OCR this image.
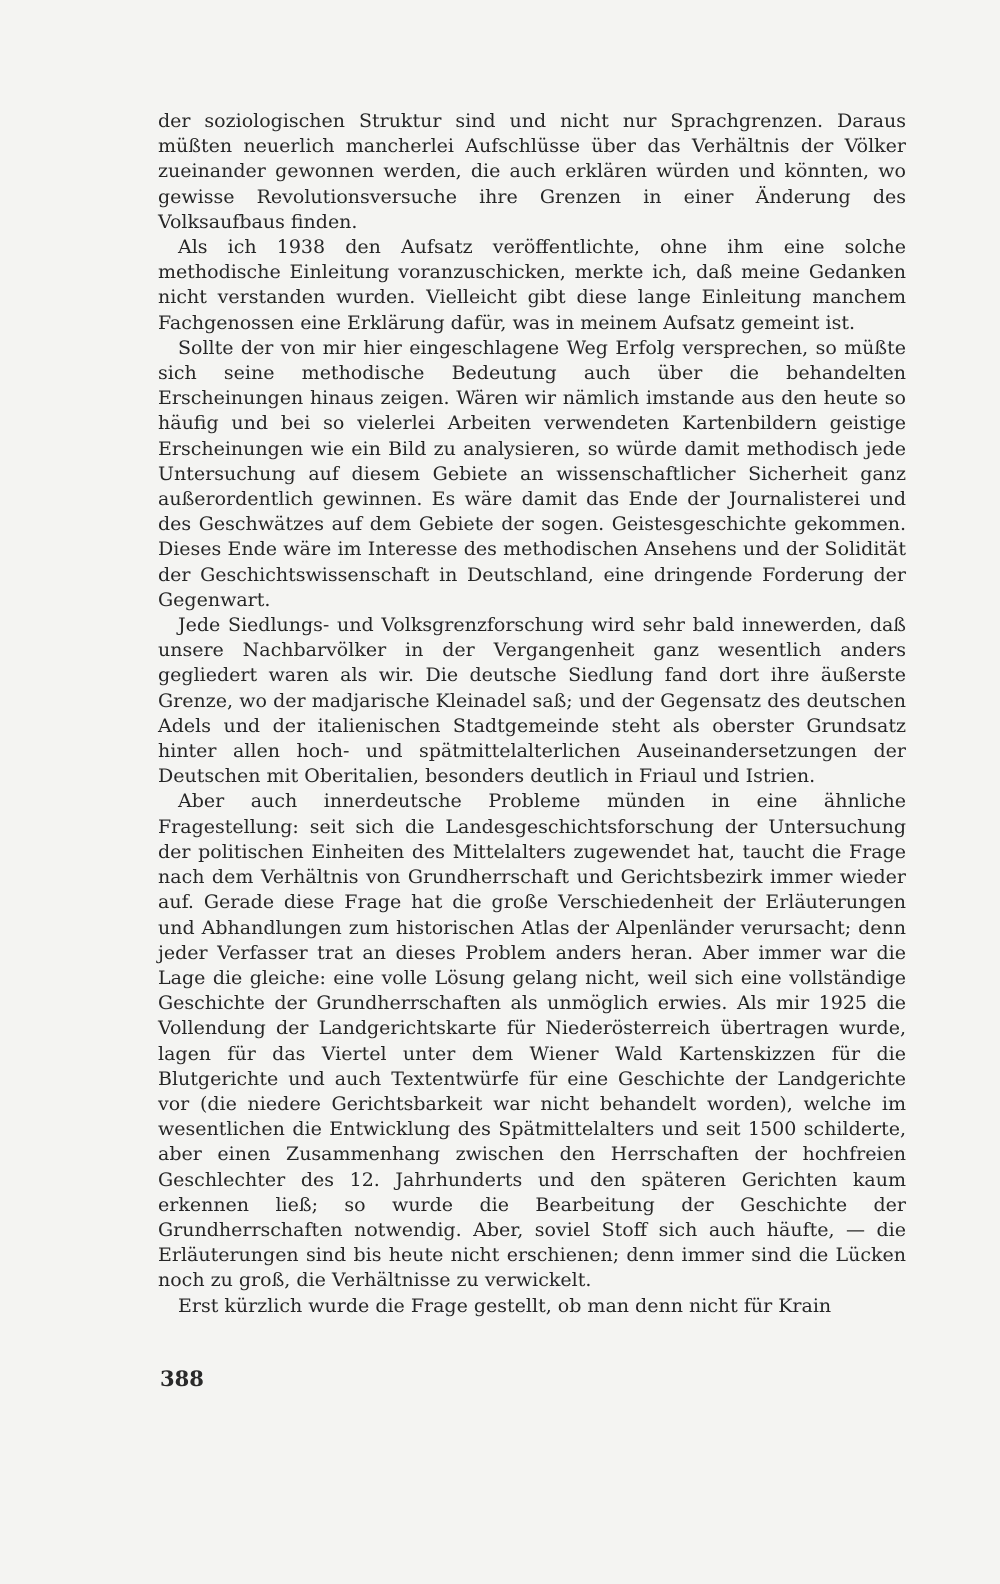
der soziologischen Struktur sind und nicht nur Sprachgrenzen. Daraus müßten neuerlich mancherlei Aufschlüsse über das Verhältnis der Völker zueinander gewonnen werden, die auch erklären würden und könnten, wo gewisse Revolutionsversuche ihre Grenzen in einer Änderung des Volksaufbaus finden.

Als ich 1938 den Aufsatz veröffentlichte, ohne ihm eine solche methodische Einleitung voranzuschicken, merkte ich, daß meine Gedanken nicht verstanden wurden. Vielleicht gibt diese lange Einleitung manchem Fachgenossen eine Erklärung dafür, was in meinem Aufsatz gemeint ist.

Sollte der von mir hier eingeschlagene Weg Erfolg versprechen, so müßte sich seine methodische Bedeutung auch über die behandelten Erscheinungen hinaus zeigen. Wären wir nämlich imstande aus den heute so häufig und bei so vielerlei Arbeiten verwendeten Kartenbildern geistige Erscheinungen wie ein Bild zu analysieren, so würde damit methodisch jede Untersuchung auf diesem Gebiete an wissenschaftlicher Sicherheit ganz außerordentlich gewinnen. Es wäre damit das Ende der Journalisterei und des Geschwätzes auf dem Gebiete der sogen. Geistesgeschichte gekommen. Dieses Ende wäre im Interesse des methodischen Ansehens und der Solidität der Geschichtswissenschaft in Deutschland, eine dringende Forderung der Gegenwart.

Jede Siedlungs- und Volksgrenzforschung wird sehr bald innewerden, daß unsere Nachbarvölker in der Vergangenheit ganz wesentlich anders gegliedert waren als wir. Die deutsche Siedlung fand dort ihre äußerste Grenze, wo der madjarische Kleinadel saß; und der Gegensatz des deutschen Adels und der italienischen Stadtgemeinde steht als oberster Grundsatz hinter allen hoch- und spätmittelalterlichen Auseinandersetzungen der Deutschen mit Oberitalien, besonders deutlich in Friaul und Istrien.

Aber auch innerdeutsche Probleme münden in eine ähnliche Fragestellung: seit sich die Landesgeschichtsforschung der Untersuchung der politischen Einheiten des Mittelalters zugewendet hat, taucht die Frage nach dem Verhältnis von Grundherrschaft und Gerichtsbezirk immer wieder auf. Gerade diese Frage hat die große Verschiedenheit der Erläuterungen und Abhandlungen zum historischen Atlas der Alpenländer verursacht; denn jeder Verfasser trat an dieses Problem anders heran. Aber immer war die Lage die gleiche: eine volle Lösung gelang nicht, weil sich eine vollständige Geschichte der Grundherrschaften als unmöglich erwies. Als mir 1925 die Vollendung der Landgerichtskarte für Niederösterreich übertragen wurde, lagen für das Viertel unter dem Wiener Wald Kartenskizzen für die Blutgerichte und auch Textentwürfe für eine Geschichte der Landgerichte vor (die niedere Gerichtsbarkeit war nicht behandelt worden), welche im wesentlichen die Entwicklung des Spätmittelalters und seit 1500 schilderte, aber einen Zusammenhang zwischen den Herrschaften der hochfreien Geschlechter des 12. Jahrhunderts und den späteren Gerichten kaum erkennen ließ; so wurde die Bearbeitung der Geschichte der Grundherrschaften notwendig. Aber, soviel Stoff sich auch häufte, — die Erläuterungen sind bis heute nicht erschienen; denn immer sind die Lücken noch zu groß, die Verhältnisse zu verwickelt.

Erst kürzlich wurde die Frage gestellt, ob man denn nicht für Krain

388
